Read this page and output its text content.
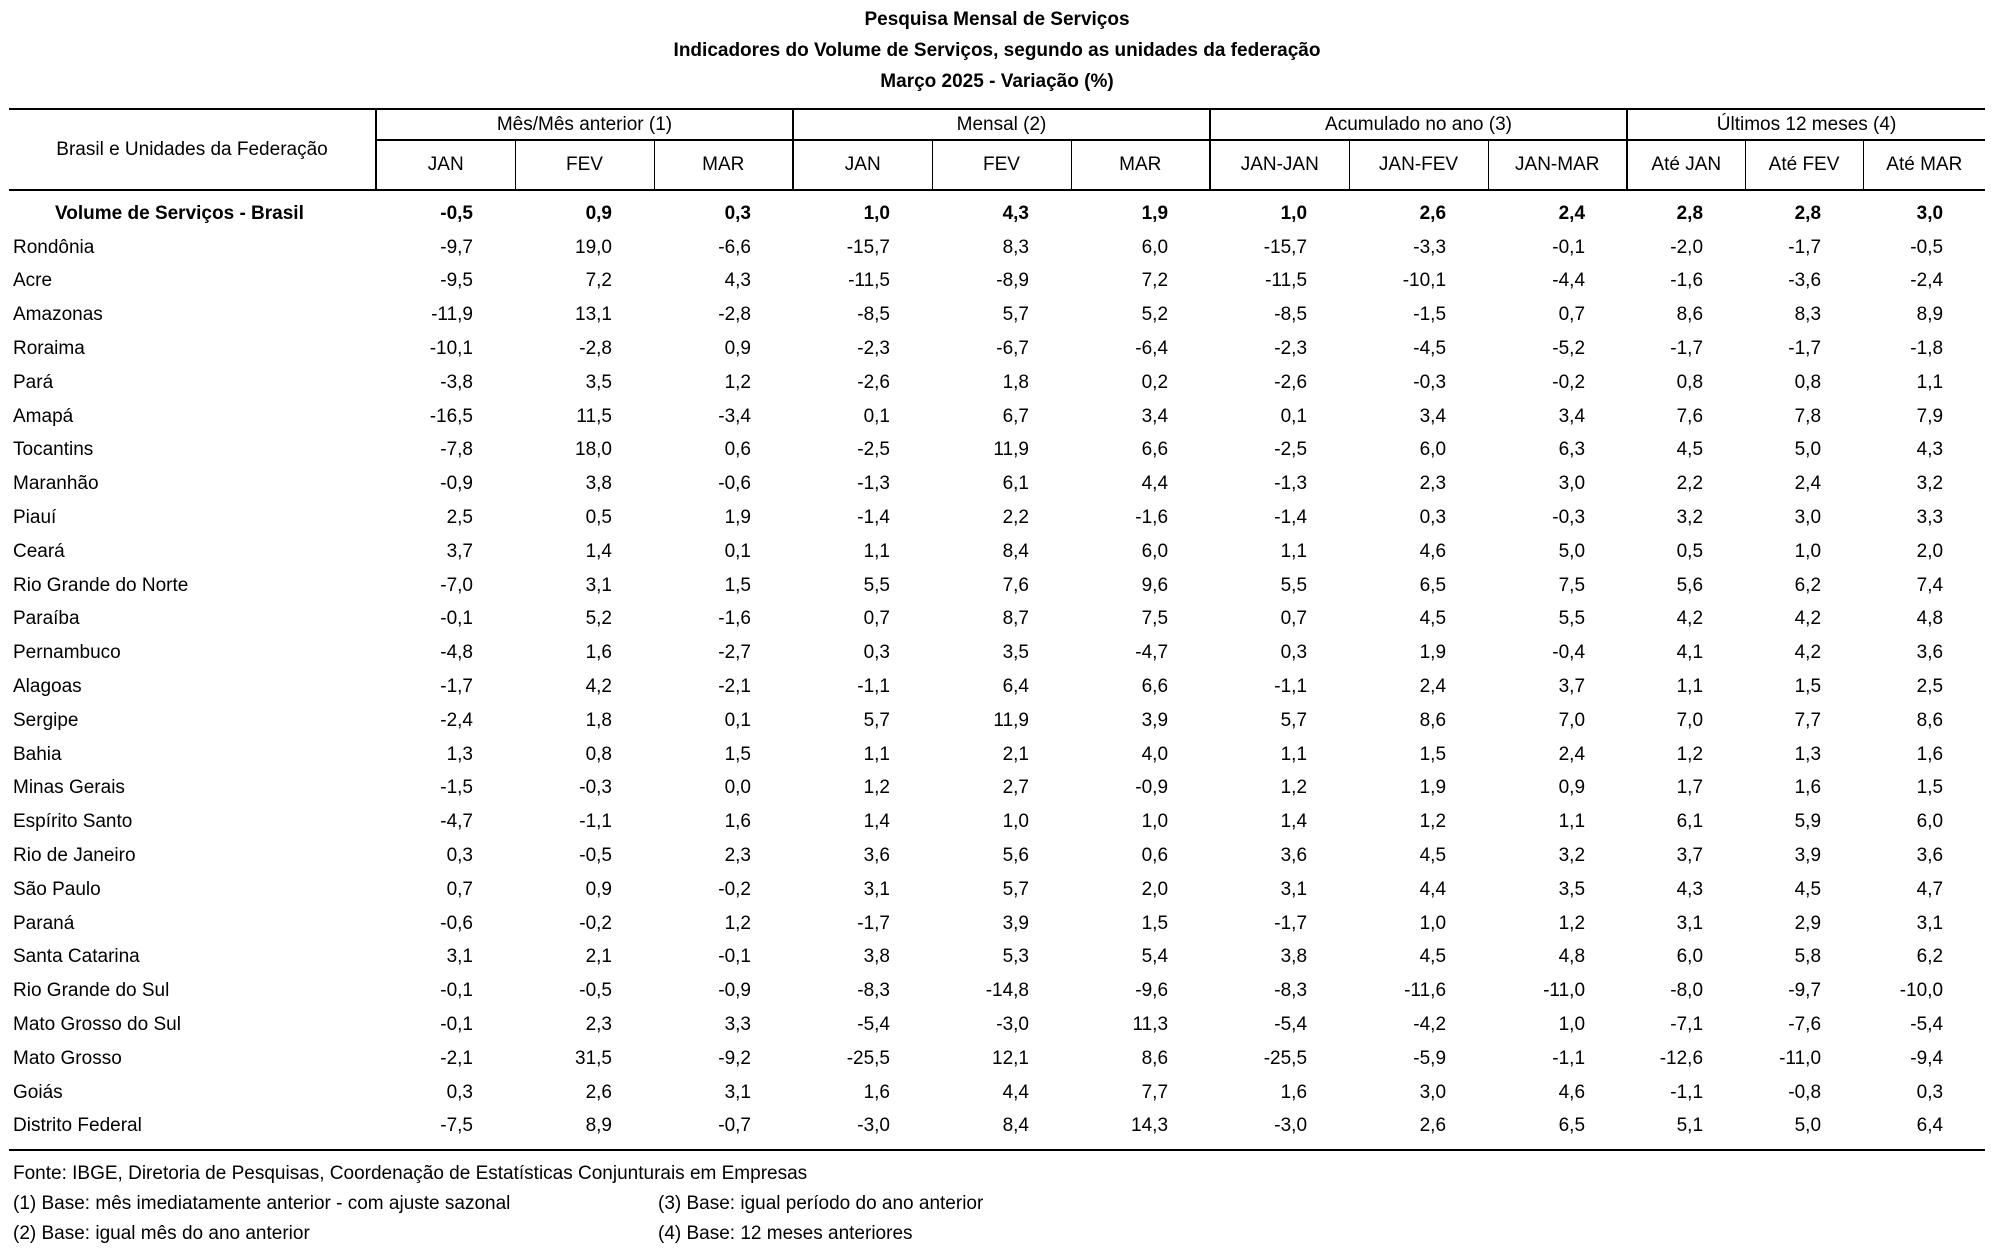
Pesquisa Mensal de Serviços
Indicadores do Volume de Serviços, segundo as unidades da federação
Março 2025 - Variação (%)
Brasil e Unidades da Federação	Mês/Mês anterior (1)			Mensal (2)			Acumulado no ano (3)			Últimos 12 meses (4)		
	JAN	FEV	MAR	JAN	FEV	MAR	JAN-JAN	JAN-FEV	JAN-MAR	Até JAN	Até FEV	Até MAR
Volume de Serviços - Brasil	-0,5	0,9	0,3	1,0	4,3	1,9	1,0	2,6	2,4	2,8	2,8	3,0
Rondônia	-9,7	19,0	-6,6	-15,7	8,3	6,0	-15,7	-3,3	-0,1	-2,0	-1,7	-0,5
Acre	-9,5	7,2	4,3	-11,5	-8,9	7,2	-11,5	-10,1	-4,4	-1,6	-3,6	-2,4
Amazonas	-11,9	13,1	-2,8	-8,5	5,7	5,2	-8,5	-1,5	0,7	8,6	8,3	8,9
Roraima	-10,1	-2,8	0,9	-2,3	-6,7	-6,4	-2,3	-4,5	-5,2	-1,7	-1,7	-1,8
Pará	-3,8	3,5	1,2	-2,6	1,8	0,2	-2,6	-0,3	-0,2	0,8	0,8	1,1
Amapá	-16,5	11,5	-3,4	0,1	6,7	3,4	0,1	3,4	3,4	7,6	7,8	7,9
Tocantins	-7,8	18,0	0,6	-2,5	11,9	6,6	-2,5	6,0	6,3	4,5	5,0	4,3
Maranhão	-0,9	3,8	-0,6	-1,3	6,1	4,4	-1,3	2,3	3,0	2,2	2,4	3,2
Piauí	2,5	0,5	1,9	-1,4	2,2	-1,6	-1,4	0,3	-0,3	3,2	3,0	3,3
Ceará	3,7	1,4	0,1	1,1	8,4	6,0	1,1	4,6	5,0	0,5	1,0	2,0
Rio Grande do Norte	-7,0	3,1	1,5	5,5	7,6	9,6	5,5	6,5	7,5	5,6	6,2	7,4
Paraíba	-0,1	5,2	-1,6	0,7	8,7	7,5	0,7	4,5	5,5	4,2	4,2	4,8
Pernambuco	-4,8	1,6	-2,7	0,3	3,5	-4,7	0,3	1,9	-0,4	4,1	4,2	3,6
Alagoas	-1,7	4,2	-2,1	-1,1	6,4	6,6	-1,1	2,4	3,7	1,1	1,5	2,5
Sergipe	-2,4	1,8	0,1	5,7	11,9	3,9	5,7	8,6	7,0	7,0	7,7	8,6
Bahia	1,3	0,8	1,5	1,1	2,1	4,0	1,1	1,5	2,4	1,2	1,3	1,6
Minas Gerais	-1,5	-0,3	0,0	1,2	2,7	-0,9	1,2	1,9	0,9	1,7	1,6	1,5
Espírito Santo	-4,7	-1,1	1,6	1,4	1,0	1,0	1,4	1,2	1,1	6,1	5,9	6,0
Rio de Janeiro	0,3	-0,5	2,3	3,6	5,6	0,6	3,6	4,5	3,2	3,7	3,9	3,6
São Paulo	0,7	0,9	-0,2	3,1	5,7	2,0	3,1	4,4	3,5	4,3	4,5	4,7
Paraná	-0,6	-0,2	1,2	-1,7	3,9	1,5	-1,7	1,0	1,2	3,1	2,9	3,1
Santa Catarina	3,1	2,1	-0,1	3,8	5,3	5,4	3,8	4,5	4,8	6,0	5,8	6,2
Rio Grande do Sul	-0,1	-0,5	-0,9	-8,3	-14,8	-9,6	-8,3	-11,6	-11,0	-8,0	-9,7	-10,0
Mato Grosso do Sul	-0,1	2,3	3,3	-5,4	-3,0	11,3	-5,4	-4,2	1,0	-7,1	-7,6	-5,4
Mato Grosso	-2,1	31,5	-9,2	-25,5	12,1	8,6	-25,5	-5,9	-1,1	-12,6	-11,0	-9,4
Goiás	0,3	2,6	3,1	1,6	4,4	7,7	1,6	3,0	4,6	-1,1	-0,8	0,3
Distrito Federal	-7,5	8,9	-0,7	-3,0	8,4	14,3	-3,0	2,6	6,5	5,1	5,0	6,4
Fonte: IBGE, Diretoria de Pesquisas, Coordenação de Estatísticas Conjunturais em Empresas
(1) Base: mês imediatamente anterior - com ajuste sazonal	(3) Base: igual período do ano anterior
(2) Base: igual mês do ano anterior	(4) Base: 12 meses anteriores
